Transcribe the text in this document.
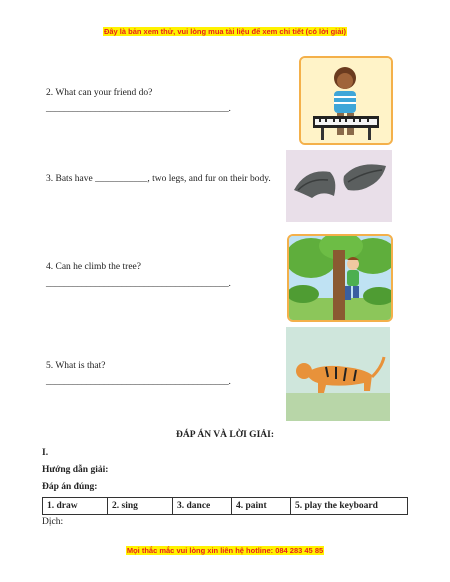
Đây là bản xem thử, vui lòng mua tài liệu để xem chi tiết (có lời giải)
2. What can your friend do?
_________________________________________.
3. Bats have ___________, two legs, and fur on their body.
4. Can he climb the tree?
_________________________________________.
5. What is that?
_________________________________________.
ĐÁP ÁN VÀ LỜI GIẢI:
I.
Hướng dẫn giải:
Đáp án đúng:
1. draw	2. sing	3. dance	4. paint	5. play the keyboard
Dịch:
Mọi thắc mắc vui lòng xin liên hệ hotline: 084 283 45 85
